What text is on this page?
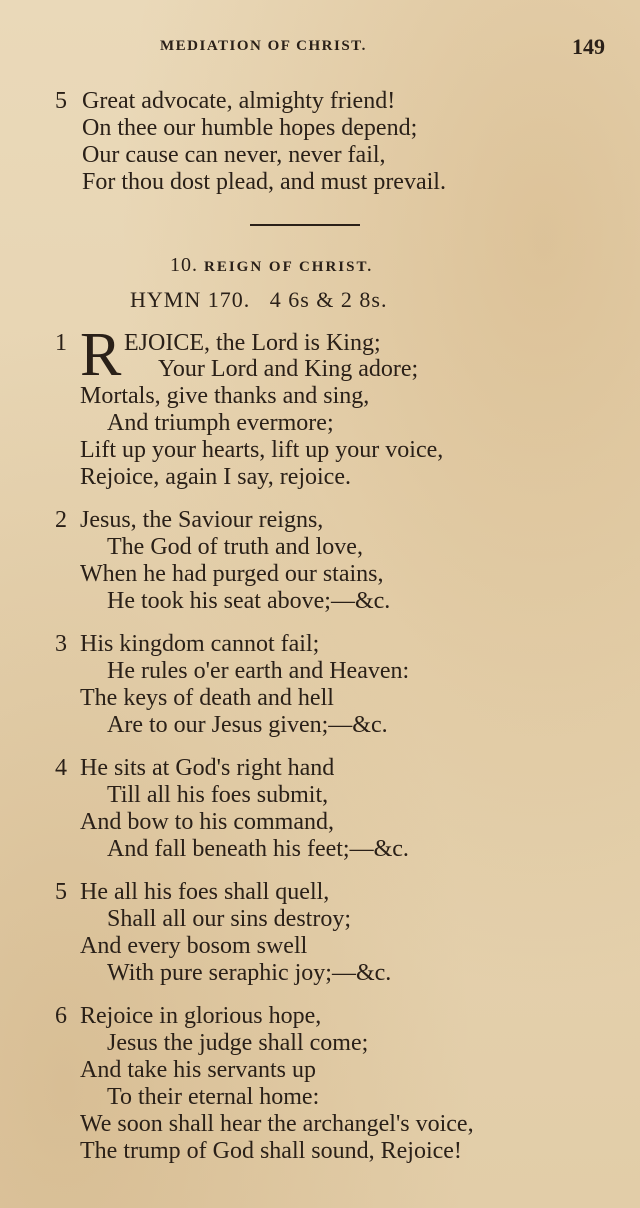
MEDIATION OF CHRIST.	149
5 Great advocate, almighty friend!
On thee our humble hopes depend;
Our cause can never, never fail,
For thou dost plead, and must prevail.
10. REIGN OF CHRIST.
HYMN 170. 4 6s & 2 8s.
1 R EJOICE, the Lord is King;
Your Lord and King adore;
Mortals, give thanks and sing,
And triumph evermore;
Lift up your hearts, lift up your voice,
Rejoice, again I say, rejoice.
2 Jesus, the Saviour reigns,
The God of truth and love,
When he had purged our stains,
He took his seat above;—&c.
3 His kingdom cannot fail;
He rules o'er earth and Heaven:
The keys of death and hell
Are to our Jesus given;—&c.
4 He sits at God's right hand
Till all his foes submit,
And bow to his command,
And fall beneath his feet;—&c.
5 He all his foes shall quell,
Shall all our sins destroy;
And every bosom swell
With pure seraphic joy;—&c.
6 Rejoice in glorious hope,
Jesus the judge shall come;
And take his servants up
To their eternal home:
We soon shall hear the archangel's voice,
The trump of God shall sound, Rejoice!
